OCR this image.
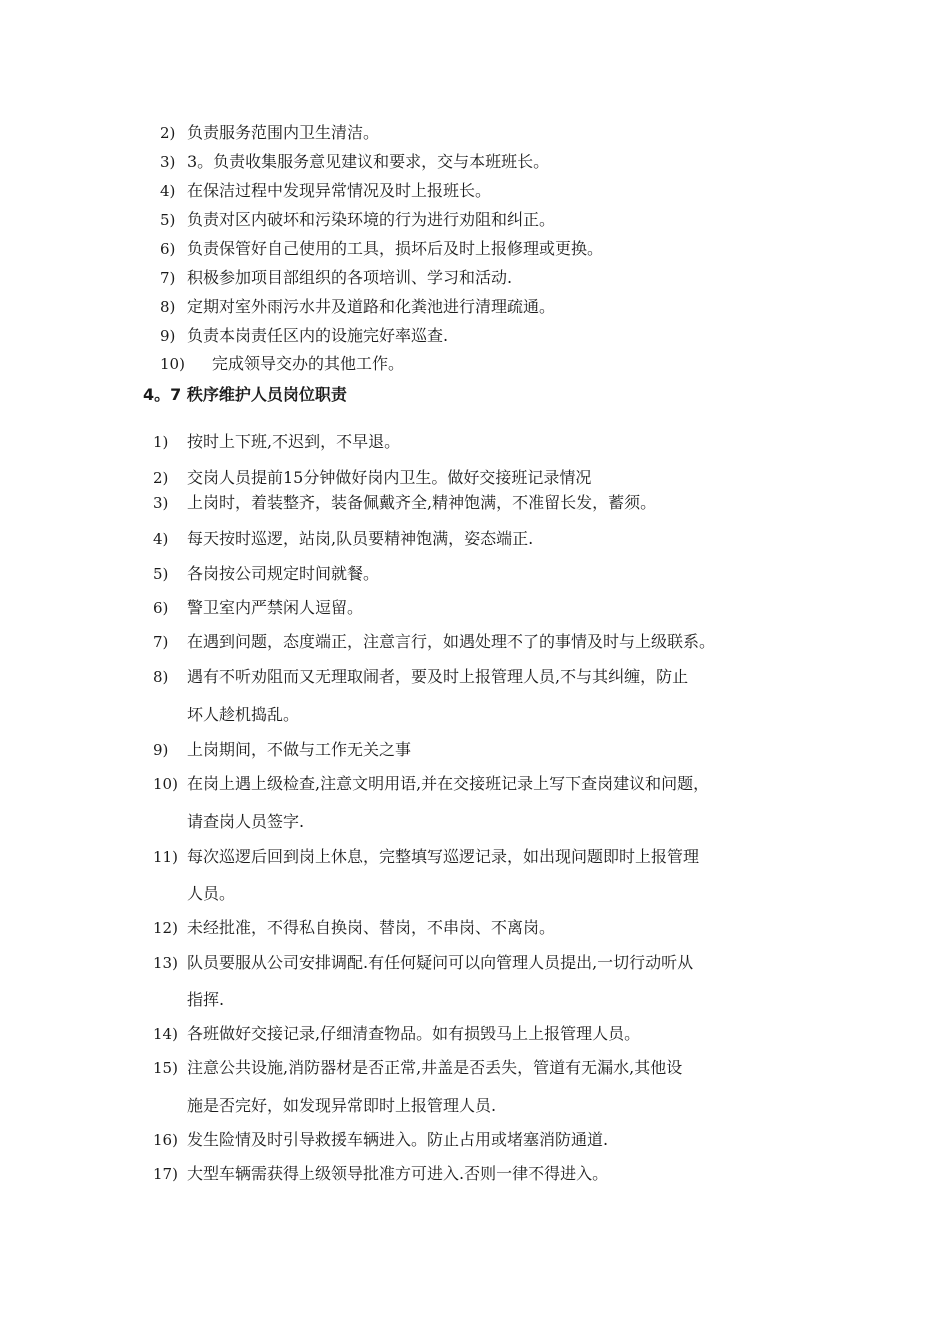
2) 负责服务范围内卫生清洁。
3) 3。负责收集服务意见建议和要求，交与本班班长。
4) 在保洁过程中发现异常情况及时上报班长。
5) 负责对区内破坏和污染环境的行为进行劝阻和纠正。
6) 负责保管好自己使用的工具，损坏后及时上报修理或更换。
7) 积极参加项目部组织的各项培训、学习和活动.
8) 定期对室外雨污水井及道路和化粪池进行清理疏通。
9) 负责本岗责任区内的设施完好率巡查.
10) 完成领导交办的其他工作。
4。7 秩序维护人员岗位职责
1) 按时上下班,不迟到，不早退。
2) 交岗人员提前15分钟做好岗内卫生。做好交接班记录情况
3) 上岗时，着装整齐，装备佩戴齐全,精神饱满，不准留长发，蓄须。
4) 每天按时巡逻，站岗,队员要精神饱满，姿态端正.
5) 各岗按公司规定时间就餐。
6) 警卫室内严禁闲人逗留。
7) 在遇到问题，态度端正，注意言行，如遇处理不了的事情及时与上级联系。
8) 遇有不听劝阻而又无理取闹者，要及时上报管理人员,不与其纠缠，防止
坏人趁机捣乱。
9) 上岗期间，不做与工作无关之事
10) 在岗上遇上级检查,注意文明用语,并在交接班记录上写下查岗建议和问题，
请查岗人员签字.
11) 每次巡逻后回到岗上休息，完整填写巡逻记录，如出现问题即时上报管理
人员。
12) 未经批准，不得私自换岗、替岗，不串岗、不离岗。
13) 队员要服从公司安排调配.有任何疑问可以向管理人员提出,一切行动听从
指挥.
14) 各班做好交接记录,仔细清查物品。如有损毁马上上报管理人员。
15) 注意公共设施,消防器材是否正常,井盖是否丢失，管道有无漏水,其他设
施是否完好，如发现异常即时上报管理人员.
16) 发生险情及时引导救援车辆进入。防止占用或堵塞消防通道.
17) 大型车辆需获得上级领导批准方可进入.否则一律不得进入。
